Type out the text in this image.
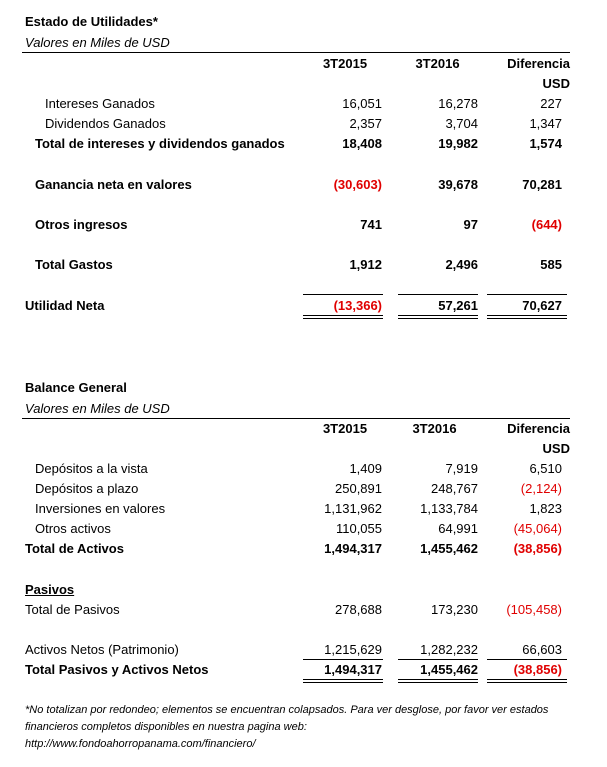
Estado de Utilidades*
Valores en Miles de USD
3T2015	3T2016	Diferencia
USD
Intereses Ganados	16,051	16,278	227
Dividendos Ganados	2,357	3,704	1,347
Total de intereses y dividendos ganados	18,408	19,982	1,574
Ganancia neta en valores	(30,603)	39,678	70,281
Otros ingresos	741	97	(644)
Total Gastos	1,912	2,496	585
Utilidad Neta	(13,366)	57,261	70,627
Balance General
Valores en Miles de USD
3T2015	3T2016	Diferencia
USD
Depósitos a la vista	1,409	7,919	6,510
Depósitos a plazo	250,891	248,767	(2,124)
Inversiones en valores	1,131,962	1,133,784	1,823
Otros activos	110,055	64,991	(45,064)
Total de Activos	1,494,317	1,455,462	(38,856)
Pasivos
Total de Pasivos	278,688	173,230	(105,458)
Activos Netos (Patrimonio)	1,215,629	1,282,232	66,603
Total Pasivos y Activos Netos	1,494,317	1,455,462	(38,856)
*No totalizan por redondeo; elementos se encuentran colapsados. Para ver desglose, por favor ver estados
financieros completos disponibles en nuestra pagina web:
http://www.fondoahorropanama.com/financiero/
